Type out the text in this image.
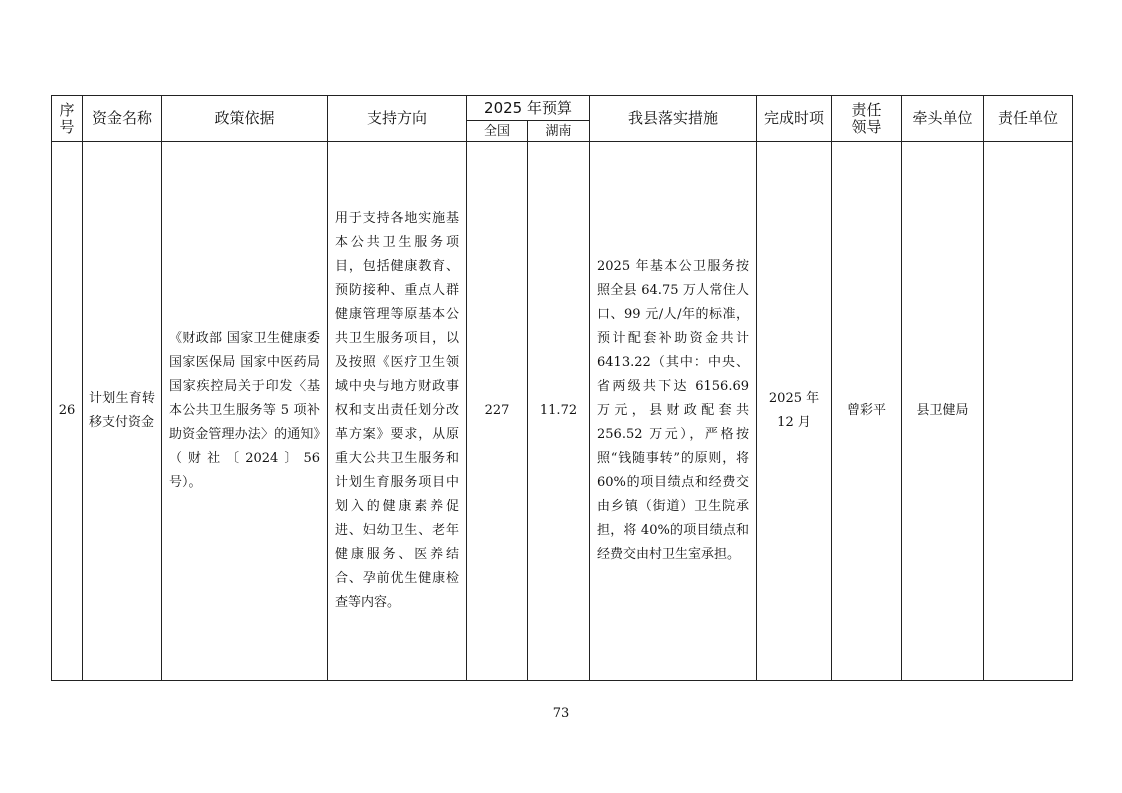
序号	资金名称	政策依据	支持方向	2025 年预算		我县落实措施	完成时项	责任领导	牵头单位	责任单位
				全国	湖南					
26	计划生育转移支付资金	《财政部 国家卫生健康委 国家医保局 国家中医药局 国家疾控局关于印发〈基本公共卫生服务等 5 项补助资金管理办法〉的通知》（财社〔2024〕56 号）。	用于支持各地实施基本公共卫生服务项目，包括健康教育、预防接种、重点人群健康管理等原基本公共卫生服务项目，以及按照《医疗卫生领域中央与地方财政事权和支出责任划分改革方案》要求，从原重大公共卫生服务和计划生育服务项目中划入的健康素养促进、妇幼卫生、老年健康服务、医养结合、孕前优生健康检查等内容。	227	11.72	2025 年基本公卫服务按照全县 64.75 万人常住人口、99 元/人/年的标准，预计配套补助资金共计 6413.22（其中：中央、省两级共下达 6156.69 万元，县财政配套共 256.52 万元），严格按照“钱随事转”的原则，将 60%的项目绩点和经费交由乡镇（街道）卫生院承担，将 40%的项目绩点和经费交由村卫生室承担。	2025 年 12 月	曾彩平	县卫健局	
73
